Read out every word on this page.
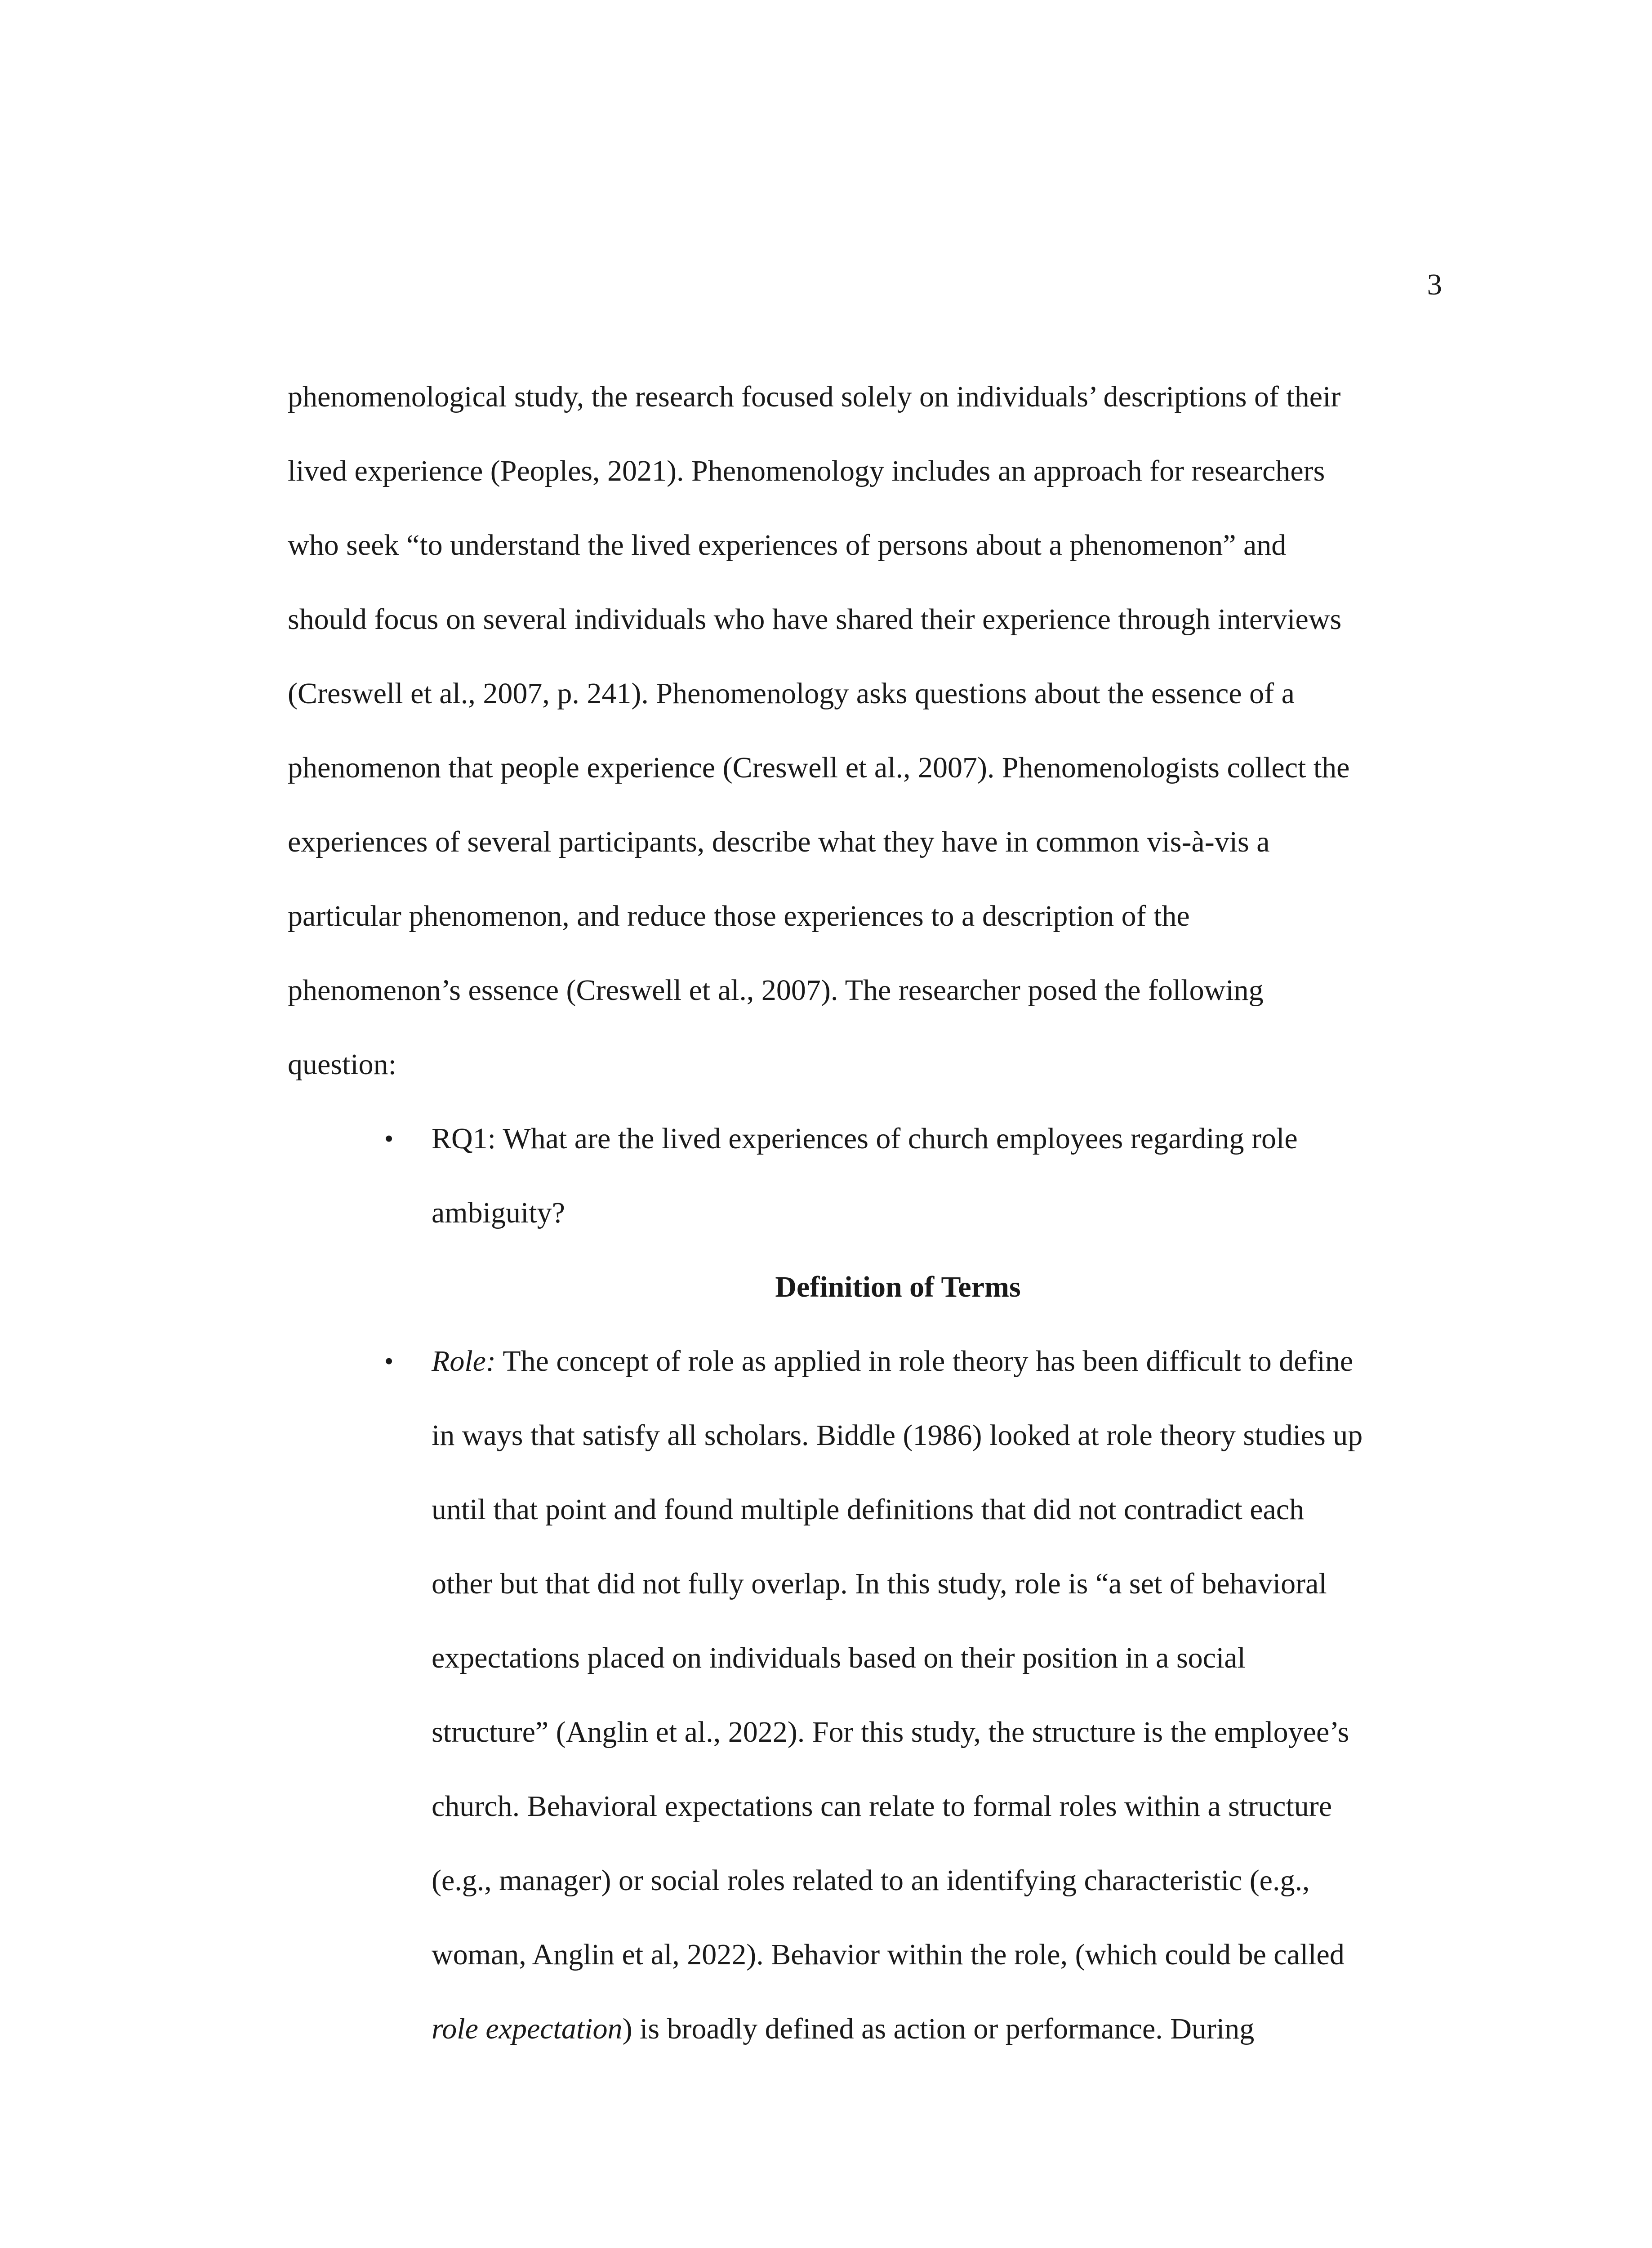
3
phenomenological study, the research focused solely on individuals’ descriptions of their
lived experience (Peoples, 2021). Phenomenology includes an approach for researchers
who seek “to understand the lived experiences of persons about a phenomenon” and
should focus on several individuals who have shared their experience through interviews
(Creswell et al., 2007, p. 241). Phenomenology asks questions about the essence of a
phenomenon that people experience (Creswell et al., 2007). Phenomenologists collect the
experiences of several participants, describe what they have in common vis-à-vis a
particular phenomenon, and reduce those experiences to a description of the
phenomenon’s essence (Creswell et al., 2007). The researcher posed the following
question:
• RQ1: What are the lived experiences of church employees regarding role
ambiguity?
Definition of Terms
• Role: The concept of role as applied in role theory has been difficult to define
in ways that satisfy all scholars. Biddle (1986) looked at role theory studies up
until that point and found multiple definitions that did not contradict each
other but that did not fully overlap. In this study, role is “a set of behavioral
expectations placed on individuals based on their position in a social
structure” (Anglin et al., 2022). For this study, the structure is the employee’s
church. Behavioral expectations can relate to formal roles within a structure
(e.g., manager) or social roles related to an identifying characteristic (e.g.,
woman, Anglin et al, 2022). Behavior within the role, (which could be called
role expectation) is broadly defined as action or performance. During
